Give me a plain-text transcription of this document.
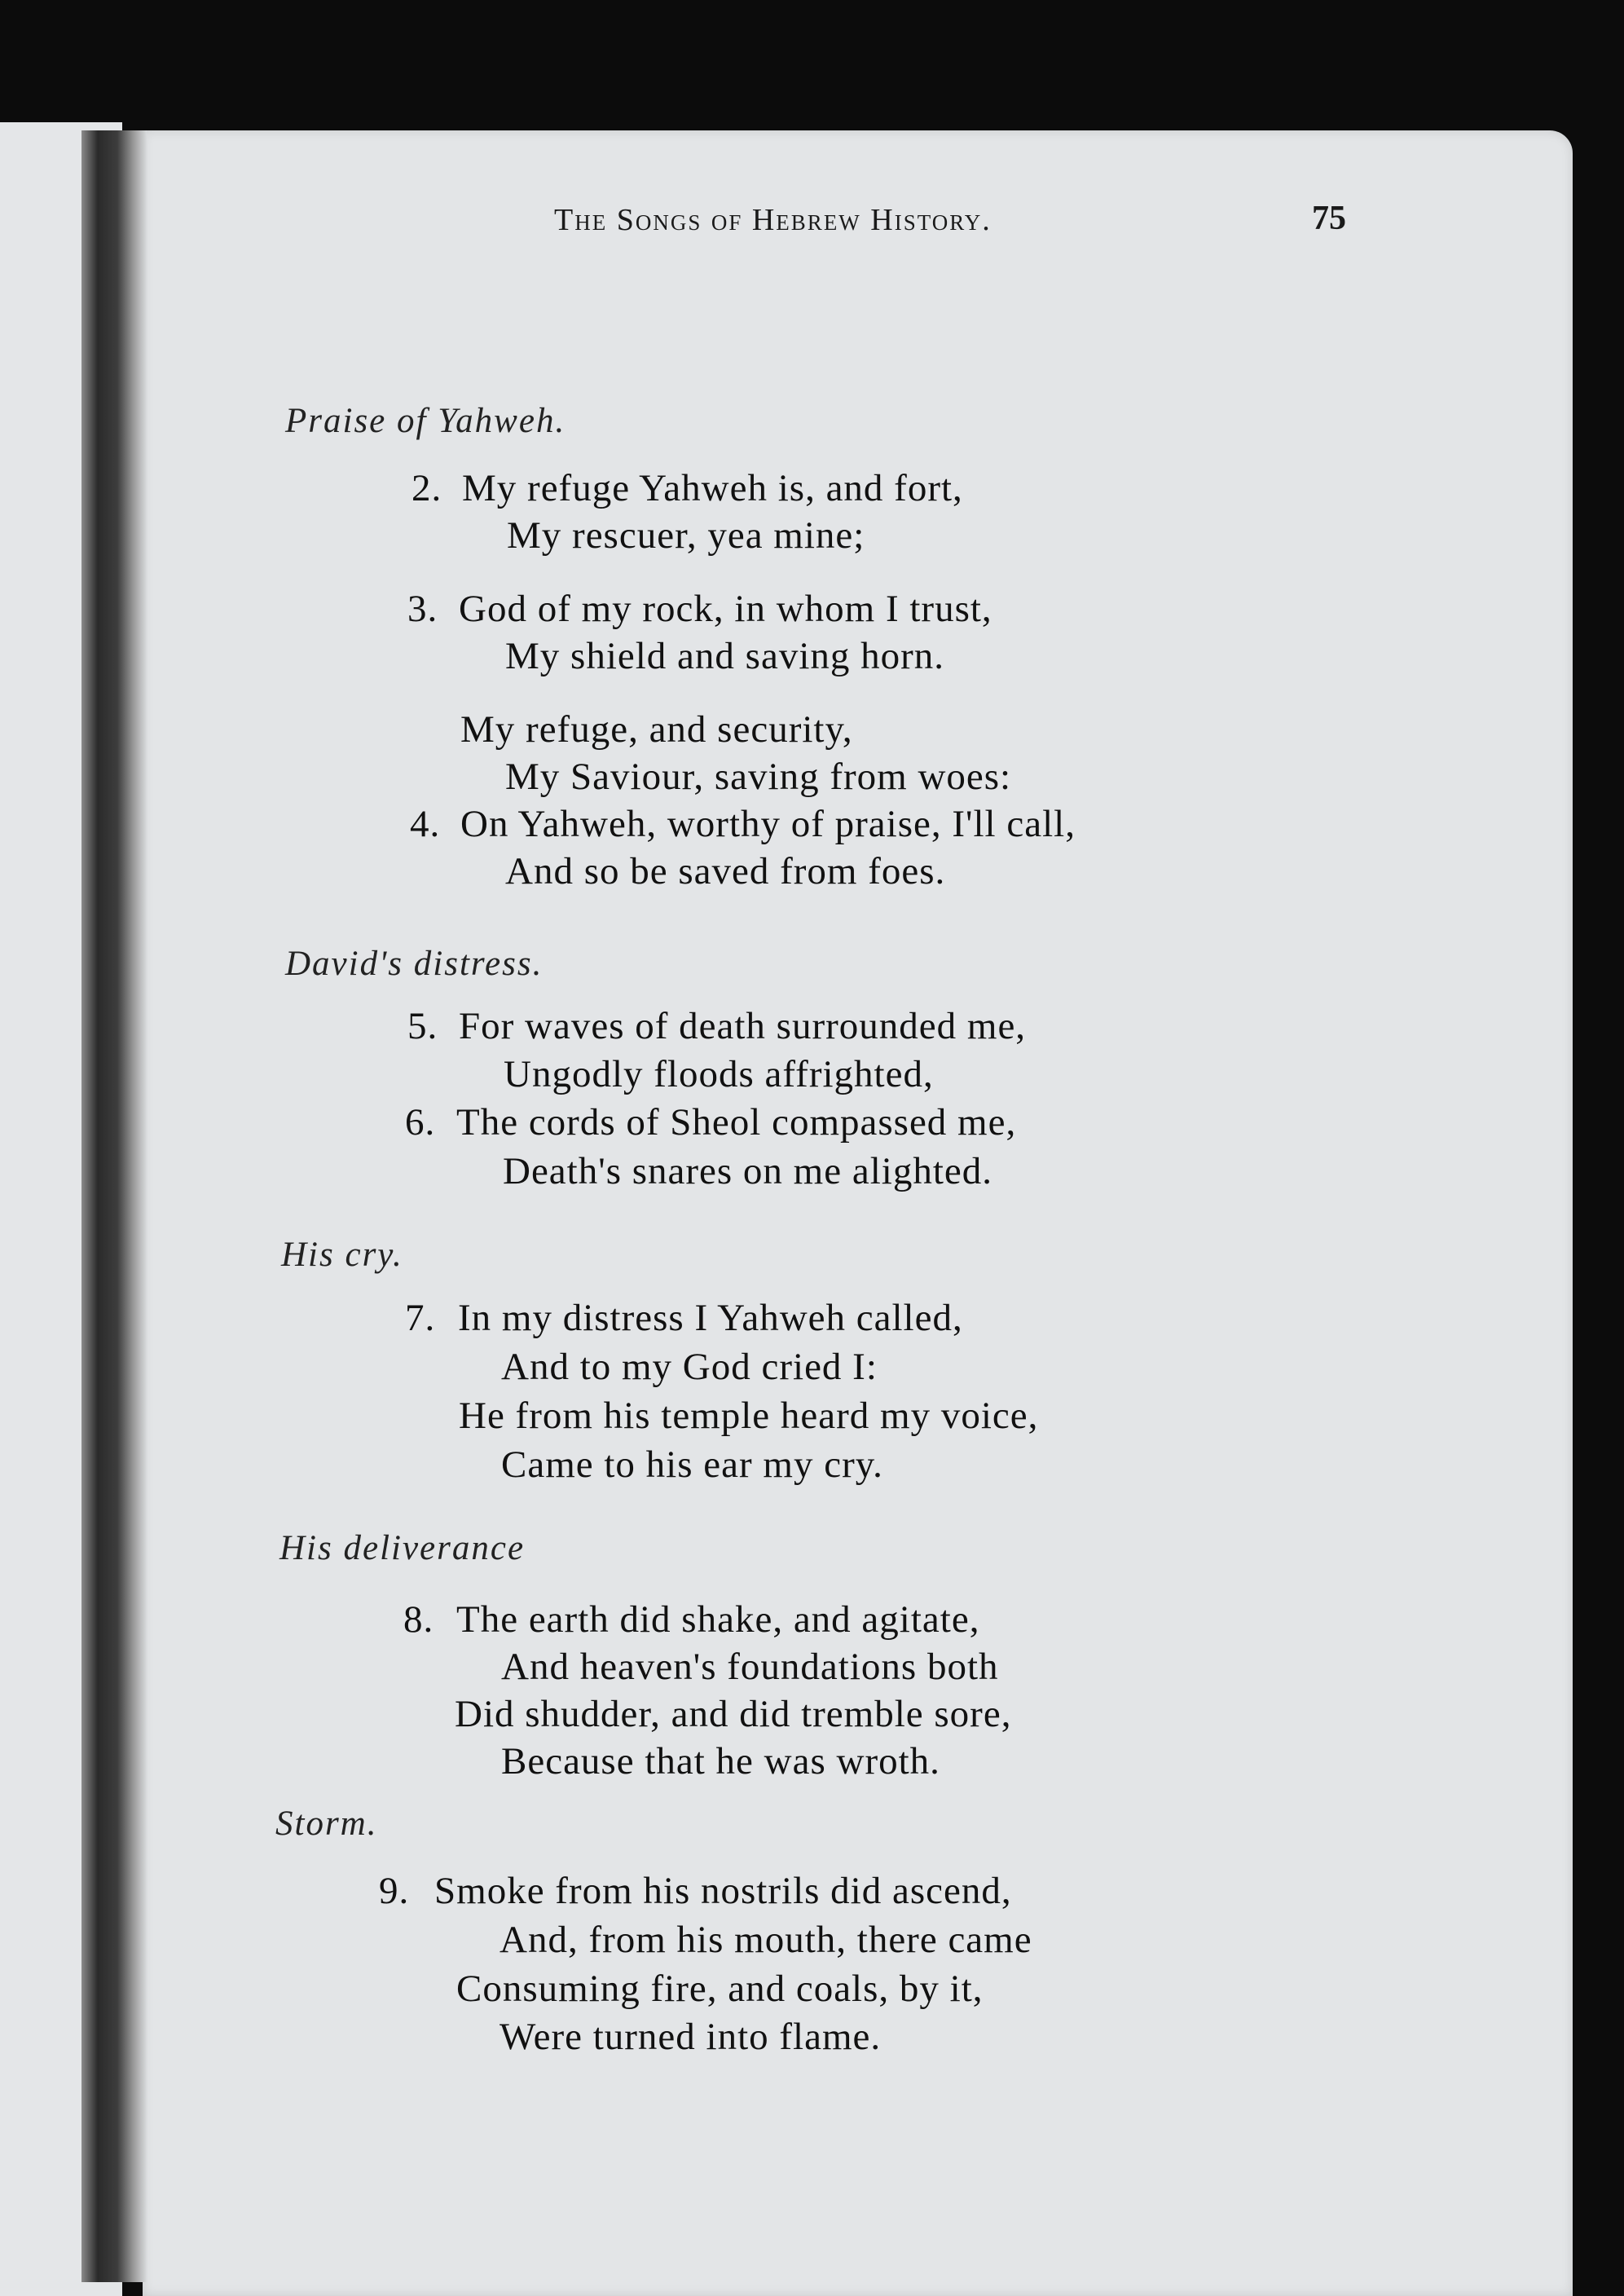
The Songs of Hebrew History.	75
Praise of Yahweh.
2. My refuge Yahweh is, and fort,
My rescuer, yea mine;
3. God of my rock, in whom I trust,
My shield and saving horn.
My refuge, and security,
My Saviour, saving from woes:
4. On Yahweh, worthy of praise, I'll call,
And so be saved from foes.
David's distress.
5. For waves of death surrounded me,
Ungodly floods affrighted,
6. The cords of Sheol compassed me,
Death's snares on me alighted.
His cry.
7. In my distress I Yahweh called,
And to my God cried I:
He from his temple heard my voice,
Came to his ear my cry.
His deliverance
8. The earth did shake, and agitate,
And heaven's foundations both
Did shudder, and did tremble sore,
Because that he was wroth.
Storm.
9. Smoke from his nostrils did ascend,
And, from his mouth, there came
Consuming fire, and coals, by it,
Were turned into flame.
